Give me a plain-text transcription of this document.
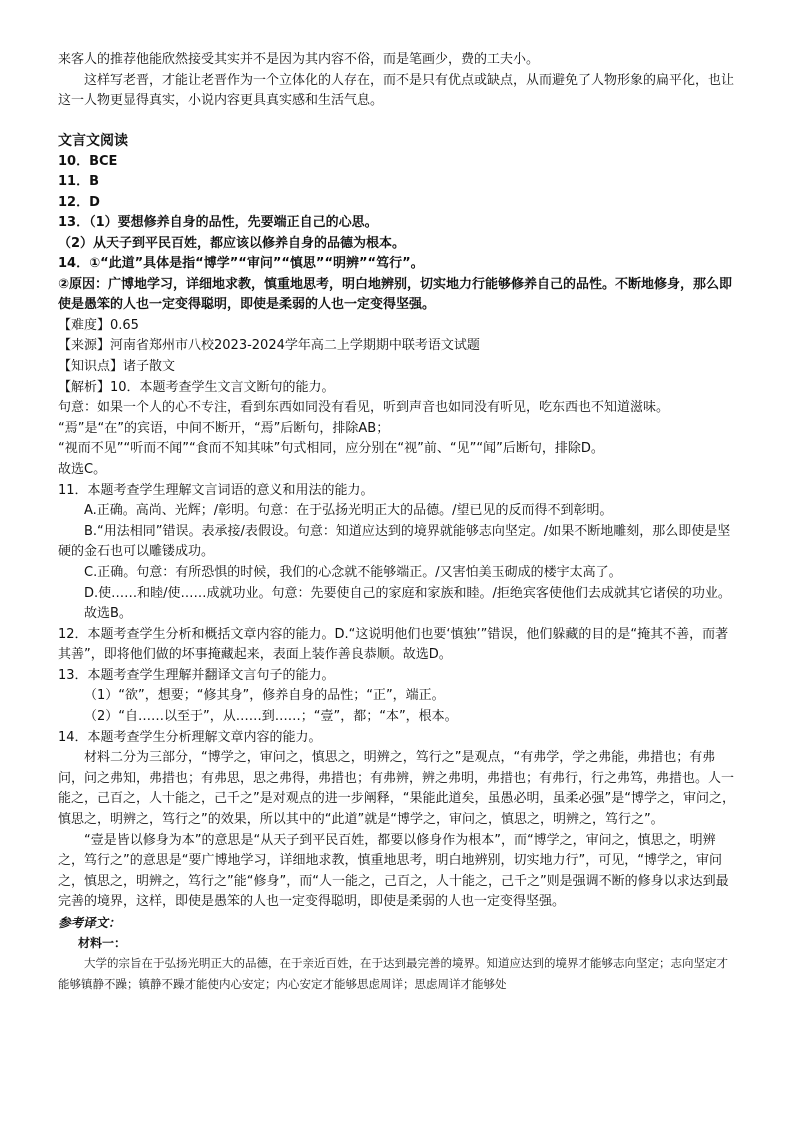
来客人的推荐他能欣然接受其实并不是因为其内容不俗，而是笔画少，费的工夫小。

这样写老晋，才能让老晋作为一个立体化的人存在，而不是只有优点或缺点，从而避免了人物形象的扁平化，也让这一人物更显得真实，小说内容更具真实感和生活气息。

文言文阅读

10．BCE

11．B

12．D

13．（1）要想修养自身的品性，先要端正自己的心思。

（2）从天子到平民百姓，都应该以修养自身的品德为根本。

14．①“此道”具体是指“博学”“审问”“慎思”“明辨”“笃行”。

②原因：广博地学习，详细地求教，慎重地思考，明白地辨别，切实地力行能够修养自己的品性。不断地修身，那么即使是愚笨的人也一定变得聪明，即使是柔弱的人也一定变得坚强。

【难度】0.65

【来源】河南省郑州市八校2023-2024学年高二上学期期中联考语文试题

【知识点】诸子散文

【解析】10．本题考查学生文言文断句的能力。

句意：如果一个人的心不专注，看到东西如同没有看见，听到声音也如同没有听见，吃东西也不知道滋味。

“焉”是“在”的宾语，中间不断开，“焉”后断句，排除AB；

“视而不见”“听而不闻”“食而不知其味”句式相同，应分别在“视”前、“见”“闻”后断句，排除D。

故选C。

11．本题考查学生理解文言词语的意义和用法的能力。

A.正确。高尚、光辉；/彰明。句意：在于弘扬光明正大的品德。/望已见的反而得不到彰明。

B.“用法相同”错误。表承接/表假设。句意：知道应达到的境界就能够志向坚定。/如果不断地雕刻，那么即使是坚硬的金石也可以雕镂成功。

C.正确。句意：有所恐惧的时候，我们的心念就不能够端正。/又害怕美玉砌成的楼宇太高了。

D.使……和睦/使……成就功业。句意：先要使自己的家庭和家族和睦。/拒绝宾客使他们去成就其它诸侯的功业。

故选B。

12．本题考查学生分析和概括文章内容的能力。D.“这说明他们也要‘慎独’”错误，他们躲藏的目的是“掩其不善，而著其善”，即将他们做的坏事掩藏起来，表面上装作善良恭顺。故选D。

13．本题考查学生理解并翻译文言句子的能力。

（1）“欲”，想要；“修其身”，修养自身的品性；“正”，端正。

（2）“自……以至于”，从……到……；“壹”，都；“本”，根本。

14．本题考查学生分析理解文章内容的能力。

材料二分为三部分，“博学之，审问之，慎思之，明辨之，笃行之”是观点，“有弗学，学之弗能，弗措也；有弗问，问之弗知，弗措也；有弗思，思之弗得，弗措也；有弗辨，辨之弗明，弗措也；有弗行，行之弗笃，弗措也。人一能之，己百之，人十能之，己千之”是对观点的进一步阐释，“果能此道矣，虽愚必明，虽柔必强”是“博学之，审问之，慎思之，明辨之，笃行之”的效果，所以其中的“此道”就是“博学之，审问之，慎思之，明辨之，笃行之”。

“壹是皆以修身为本”的意思是“从天子到平民百姓，都要以修身作为根本”，而“博学之，审问之，慎思之，明辨之，笃行之”的意思是“要广博地学习，详细地求教，慎重地思考，明白地辨别，切实地力行”，可见，“博学之，审问之，慎思之，明辨之，笃行之”能“修身”，而“人一能之，己百之，人十能之，己千之”则是强调不断的修身以求达到最完善的境界，这样，即使是愚笨的人也一定变得聪明，即使是柔弱的人也一定变得坚强。

参考译文：

材料一：

大学的宗旨在于弘扬光明正大的品德，在于亲近百姓，在于达到最完善的境界。知道应达到的境界才能够志向坚定；志向坚定才能够镇静不躁；镇静不躁才能使内心安定；内心安定才能够思虑周详；思虑周详才能够处
